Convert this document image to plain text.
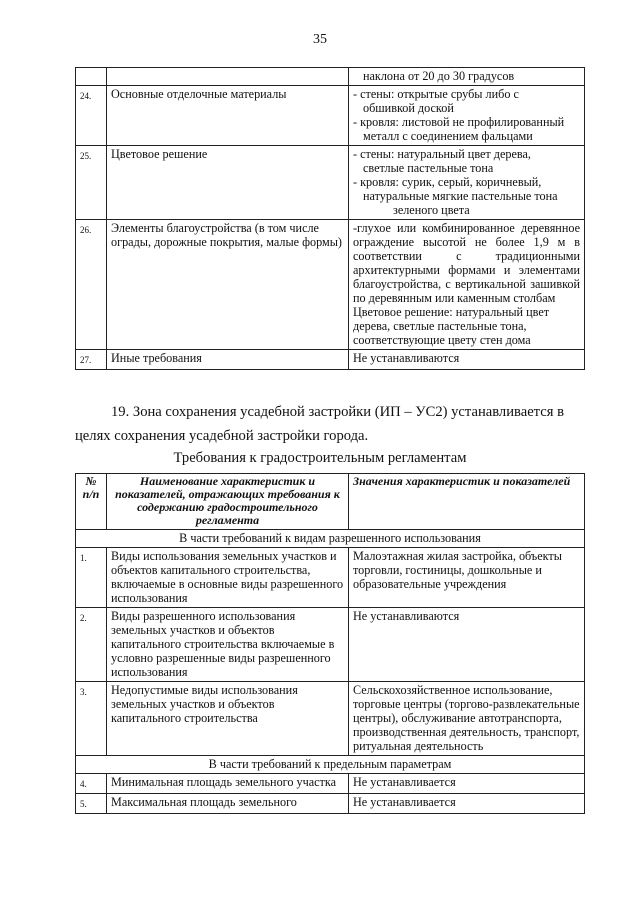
35

		наклона от 20 до 30 градусов

24.	Основные отделочные материалы	- стены: открытые срубы либо с
обшивкой доской
- кровля: листовой не профилированный
металл с соединением фальцами

25.	Цветовое решение	- стены: натуральный цвет дерева,
светлые пастельные тона
- кровля: сурик, серый, коричневый,
натуральные мягкие пастельные тона
зеленого цвета

26.	Элементы благоустройства (в том числе ограды, дорожные покрытия, малые формы)	-глухое или комбинированное деревянное ограждение высотой не более 1,9 м в соответствии с традиционными архитектурными формами и элементами благоустройства, с вертикальной зашивкой по деревянным или каменным столбам
Цветовое решение: натуральный цвет дерева, светлые пастельные тона, соответствующие цвету стен дома

27.	Иные требования	Не устанавливаются
19. Зона сохранения усадебной застройки (ИП – УС2) устанавливается в целях сохранения усадебной застройки города.
Требования к градостроительным регламентам
№ п/п	Наименование характеристик и показателей, отражающих требования к содержанию градостроительного регламента	Значения характеристик и показателей
В части требований к видам разрешенного использования		
1.	Виды использования земельных участков и объектов капитального строительства, включаемые в основные виды разрешенного использования	Малоэтажная жилая застройка, объекты торговли, гостиницы, дошкольные и образовательные учреждения
2.	Виды разрешенного использования земельных участков и объектов капитального строительства включаемые в условно разрешенные виды разрешенного использования	Не устанавливаются
3.	Недопустимые виды использования земельных участков и объектов капитального строительства	Сельскохозяйственное использование, торговые центры (торгово-развлекательные центры), обслуживание автотранспорта, производственная деятельность, транспорт, ритуальная деятельность
В части требований к предельным параметрам		
4.	Минимальная площадь земельного участка	Не устанавливается
5.	Максимальная площадь земельного	Не устанавливается
